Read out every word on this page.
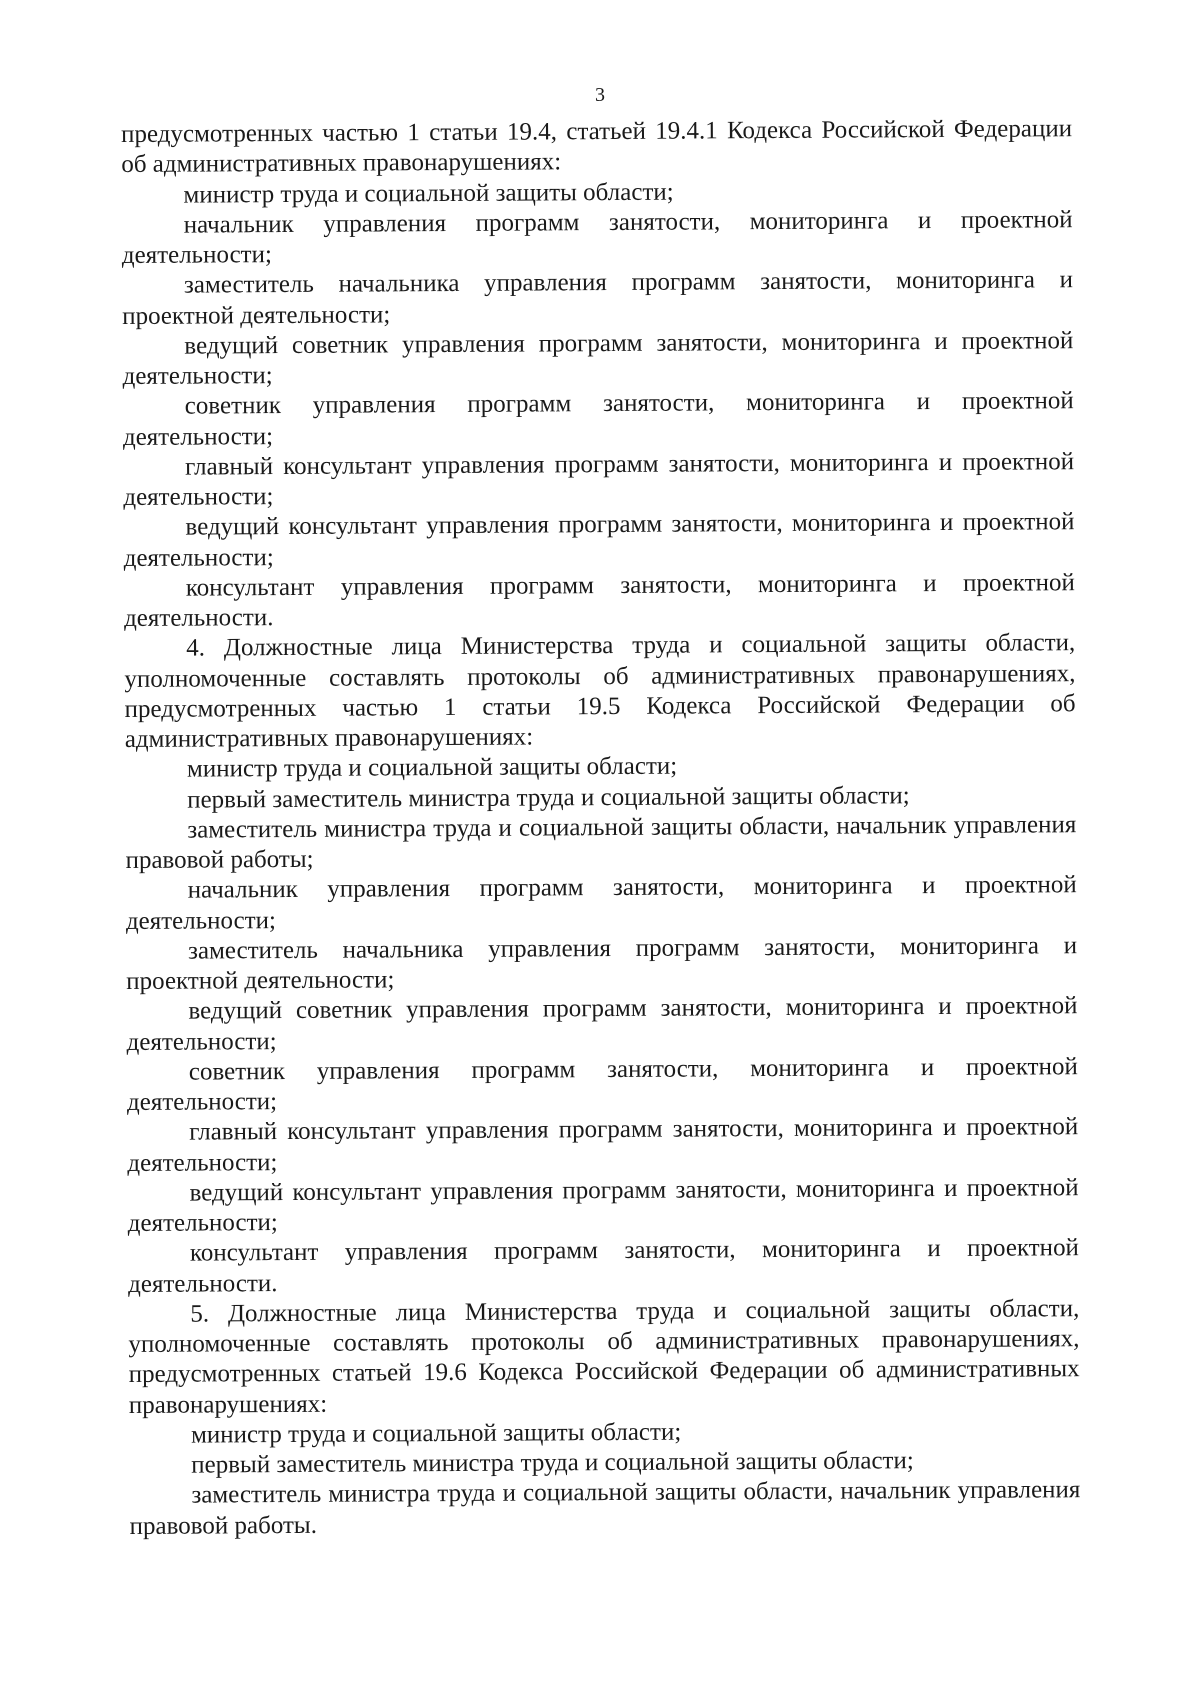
3

предусмотренных частью 1 статьи 19.4, статьей 19.4.1 Кодекса Российской Федерации об административных правонарушениях:

министр труда и социальной защиты области;

начальник управления программ занятости, мониторинга и проектной деятельности;

заместитель начальника управления программ занятости, мониторинга и проектной деятельности;

ведущий советник управления программ занятости, мониторинга и проектной деятельности;

советник управления программ занятости, мониторинга и проектной деятельности;

главный консультант управления программ занятости, мониторинга и проектной деятельности;

ведущий консультант управления программ занятости, мониторинга и проектной деятельности;

консультант управления программ занятости, мониторинга и проектной деятельности.

4. Должностные лица Министерства труда и социальной защиты области, уполномоченные составлять протоколы об административных правонарушениях, предусмотренных частью 1 статьи 19.5 Кодекса Российской Федерации об административных правонарушениях:

министр труда и социальной защиты области;

первый заместитель министра труда и социальной защиты области;

заместитель министра труда и социальной защиты области, начальник управления правовой работы;

начальник управления программ занятости, мониторинга и проектной деятельности;

заместитель начальника управления программ занятости, мониторинга и проектной деятельности;

ведущий советник управления программ занятости, мониторинга и проектной деятельности;

советник управления программ занятости, мониторинга и проектной деятельности;

главный консультант управления программ занятости, мониторинга и проектной деятельности;

ведущий консультант управления программ занятости, мониторинга и проектной деятельности;

консультант управления программ занятости, мониторинга и проектной деятельности.

5. Должностные лица Министерства труда и социальной защиты области, уполномоченные составлять протоколы об административных правонарушениях, предусмотренных статьей 19.6 Кодекса Российской Федерации об административных правонарушениях:

министр труда и социальной защиты области;

первый заместитель министра труда и социальной защиты области;

заместитель министра труда и социальной защиты области, начальник управления правовой работы.
